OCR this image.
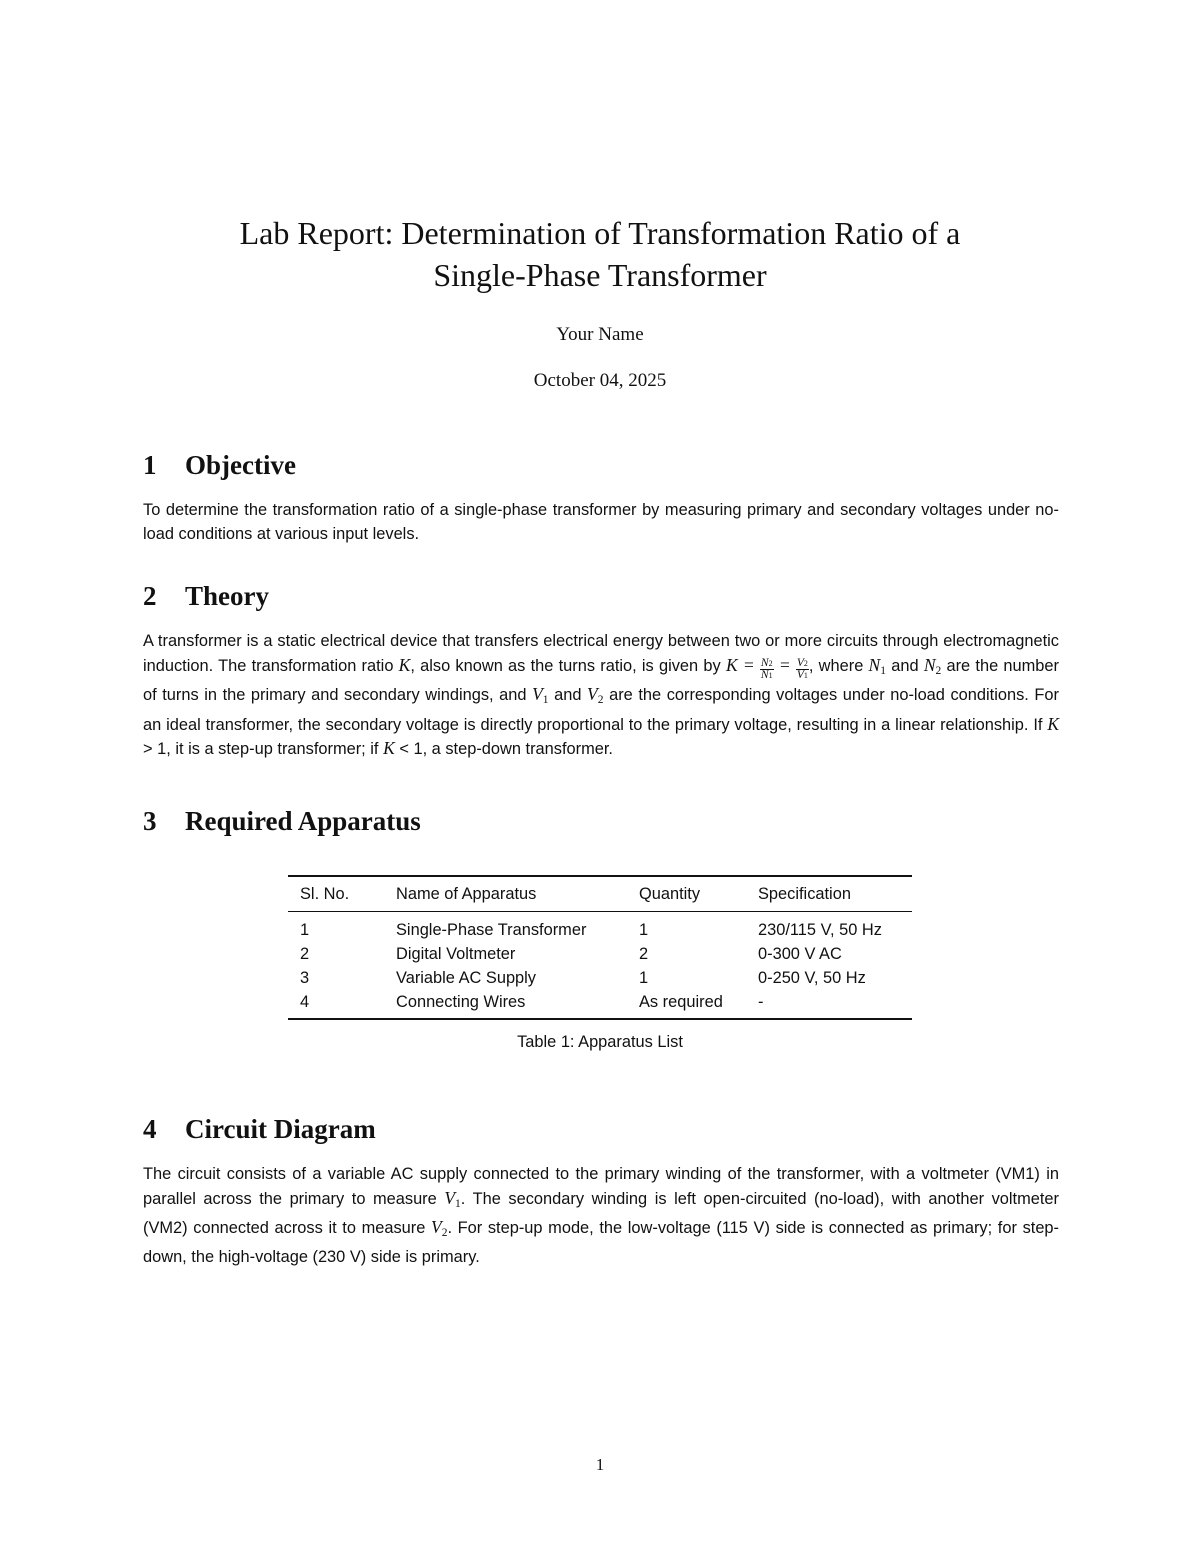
Lab Report: Determination of Transformation Ratio of a
Single-Phase Transformer
Your Name
October 04, 2025
1 Objective

To determine the transformation ratio of a single-phase transformer by measuring primary and secondary voltages under no-load conditions at various input levels.

2 Theory

A transformer is a static electrical device that transfers electrical energy between two or more circuits through electromagnetic induction. The transformation ratio K, also known as the turns ratio, is given by $K = \frac{N2}{N1} = \frac{V2}{V1}$ , where $N_1$ and $N_2$ are the number of turns in the primary and secondary windings, and $V_1$ and $V_2$ are the corresponding voltages under no-load conditions. For an ideal transformer, the secondary voltage is directly proportional to the primary voltage, resulting in a linear relationship. If K > 1, it is a step-up transformer; if K < 1, a step-down transformer.

3 Required Apparatus
Sl. No.	Name of Apparatus	Quantity	Specification
1	Single-Phase Transformer	1	230/115 V, 50 Hz
2	Digital Voltmeter	2	0-300 V AC
3	Variable AC Supply	1	0-250 V, 50 Hz
4	Connecting Wires	As required	-
Table 1: Apparatus List
4 Circuit Diagram

The circuit consists of a variable AC supply connected to the primary winding of the transformer, with a voltmeter (VM1) in parallel across the primary to measure $V_1$. The secondary winding is left open-circuited (no-load), with another voltmeter (VM2) connected across it to measure $V_2$. For step-up mode, the low-voltage (115 V) side is connected as primary; for step-down, the high-voltage (230 V) side is primary.

1
